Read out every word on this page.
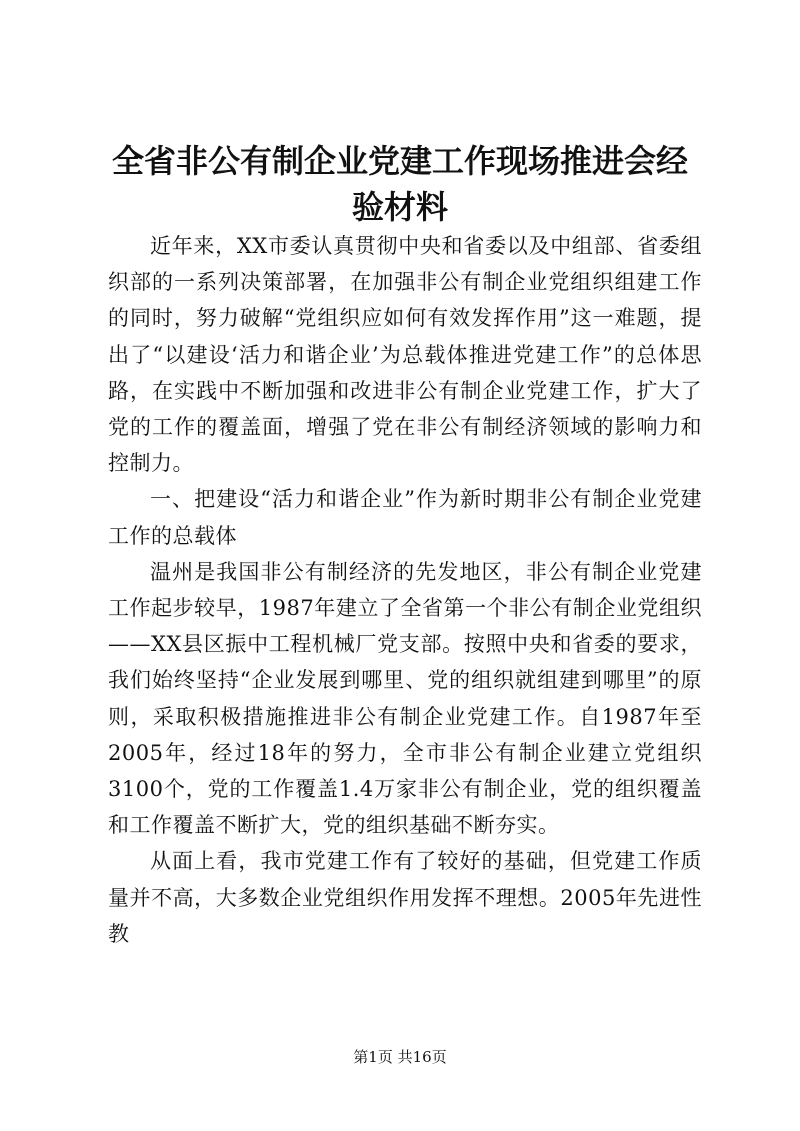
全省非公有制企业党建工作现场推进会经验材料

近年来，XX市委认真贯彻中央和省委以及中组部、省委组织部的一系列决策部署，在加强非公有制企业党组织组建工作的同时，努力破解“党组织应如何有效发挥作用”这一难题，提出了“以建设‘活力和谐企业’为总载体推进党建工作”的总体思路，在实践中不断加强和改进非公有制企业党建工作，扩大了党的工作的覆盖面，增强了党在非公有制经济领域的影响力和控制力。

一、把建设“活力和谐企业”作为新时期非公有制企业党建工作的总载体

温州是我国非公有制经济的先发地区，非公有制企业党建工作起步较早，1987年建立了全省第一个非公有制企业党组织——XX县区振中工程机械厂党支部。按照中央和省委的要求，我们始终坚持“企业发展到哪里、党的组织就组建到哪里”的原则，采取积极措施推进非公有制企业党建工作。自1987年至2005年，经过18年的努力，全市非公有制企业建立党组织3100个，党的工作覆盖1.4万家非公有制企业，党的组织覆盖和工作覆盖不断扩大，党的组织基础不断夯实。

从面上看，我市党建工作有了较好的基础，但党建工作质量并不高，大多数企业党组织作用发挥不理想。2005年先进性教

第1页 共16页
